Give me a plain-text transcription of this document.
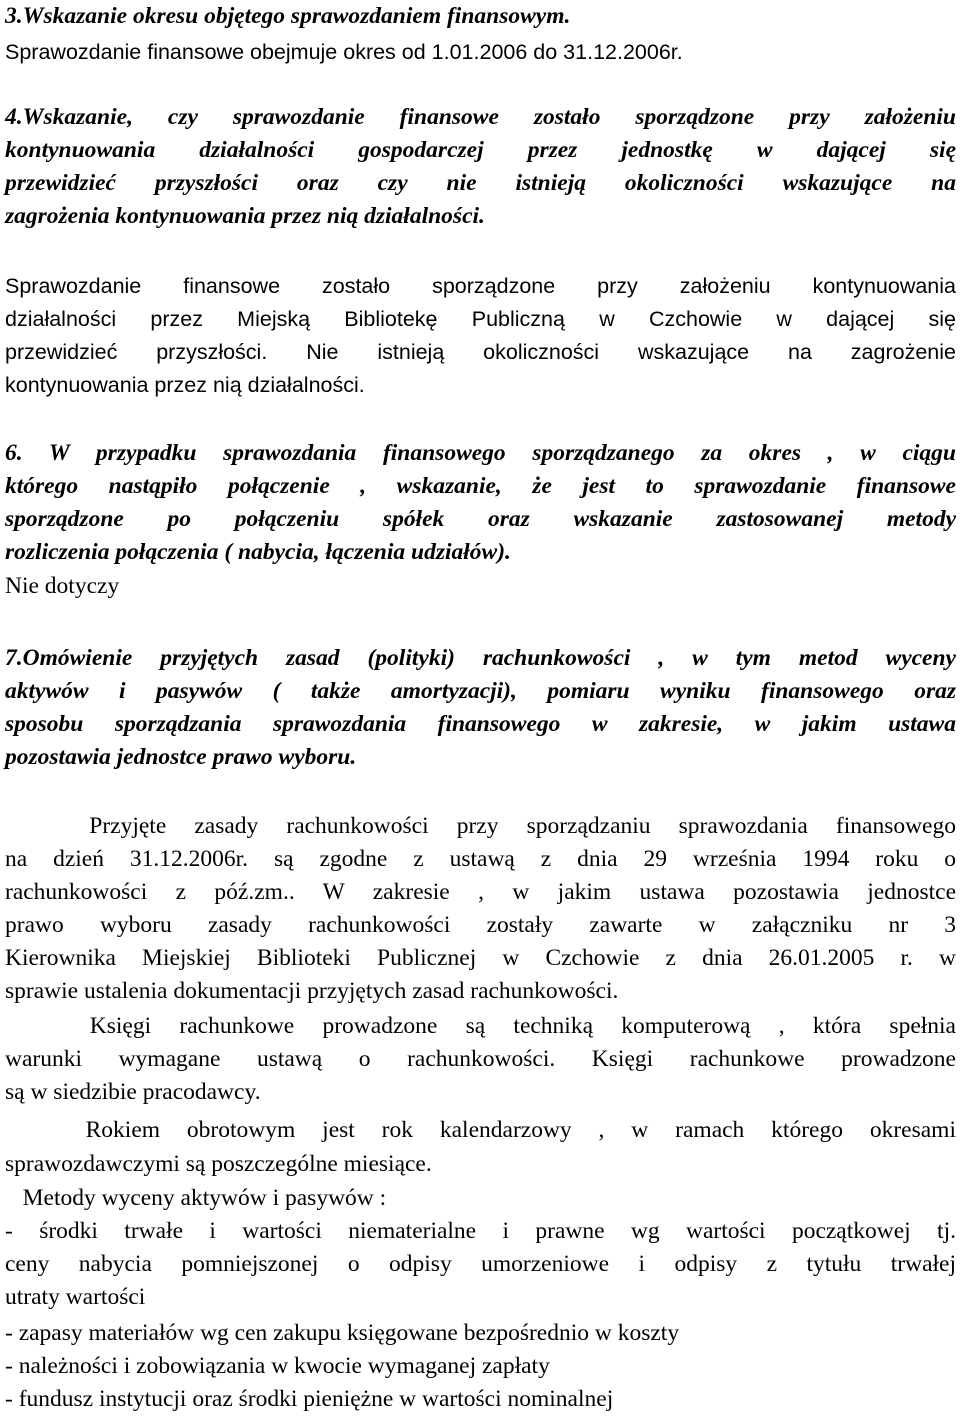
3.Wskazanie okresu objętego sprawozdaniem finansowym.
Sprawozdanie finansowe obejmuje okres od 1.01.2006 do 31.12.2006r.
4.Wskazanie, czy sprawozdanie finansowe zostało sporządzone przy założeniu
kontynuowania działalności gospodarczej przez jednostkę w dającej się
przewidzieć przyszłości oraz czy nie istnieją okoliczności wskazujące na
zagrożenia kontynuowania przez nią działalności.
Sprawozdanie finansowe zostało sporządzone przy założeniu kontynuowania
działalności przez Miejską Bibliotekę Publiczną w Czchowie w dającej się
przewidzieć przyszłości. Nie istnieją okoliczności wskazujące na zagrożenie
kontynuowania przez nią działalności.
6. W przypadku sprawozdania finansowego sporządzanego za okres , w ciągu
którego nastąpiło połączenie , wskazanie, że jest to sprawozdanie finansowe
sporządzone po połączeniu spółek oraz wskazanie zastosowanej metody
rozliczenia połączenia ( nabycia, łączenia udziałów).
Nie dotyczy
7.Omówienie przyjętych zasad (polityki) rachunkowości , w tym metod wyceny
aktywów i pasywów ( także amortyzacji), pomiaru wyniku finansowego oraz
sposobu sporządzania sprawozdania finansowego w zakresie, w jakim ustawa
pozostawia jednostce prawo wyboru.
Przyjęte zasady rachunkowości przy sporządzaniu sprawozdania finansowego
na dzień 31.12.2006r. są zgodne z ustawą z dnia 29 września 1994 roku o
rachunkowości z póź.zm.. W zakresie , w jakim ustawa pozostawia jednostce
prawo wyboru zasady rachunkowości zostały zawarte w załączniku nr 3
Kierownika Miejskiej Biblioteki Publicznej w Czchowie z dnia 26.01.2005 r. w
sprawie ustalenia dokumentacji przyjętych zasad rachunkowości.
Księgi rachunkowe prowadzone są techniką komputerową , która spełnia
warunki wymagane ustawą o rachunkowości. Księgi rachunkowe prowadzone
są w siedzibie pracodawcy.
Rokiem obrotowym jest rok kalendarzowy , w ramach którego okresami
sprawozdawczymi są poszczególne miesiące.
Metody wyceny aktywów i pasywów :
- środki trwałe i wartości niematerialne i prawne wg wartości początkowej tj.
ceny nabycia pomniejszonej o odpisy umorzeniowe i odpisy z tytułu trwałej
utraty wartości
- zapasy materiałów wg cen zakupu księgowane bezpośrednio w koszty
- należności i zobowiązania w kwocie wymaganej zapłaty
- fundusz instytucji oraz środki pieniężne w wartości nominalnej
